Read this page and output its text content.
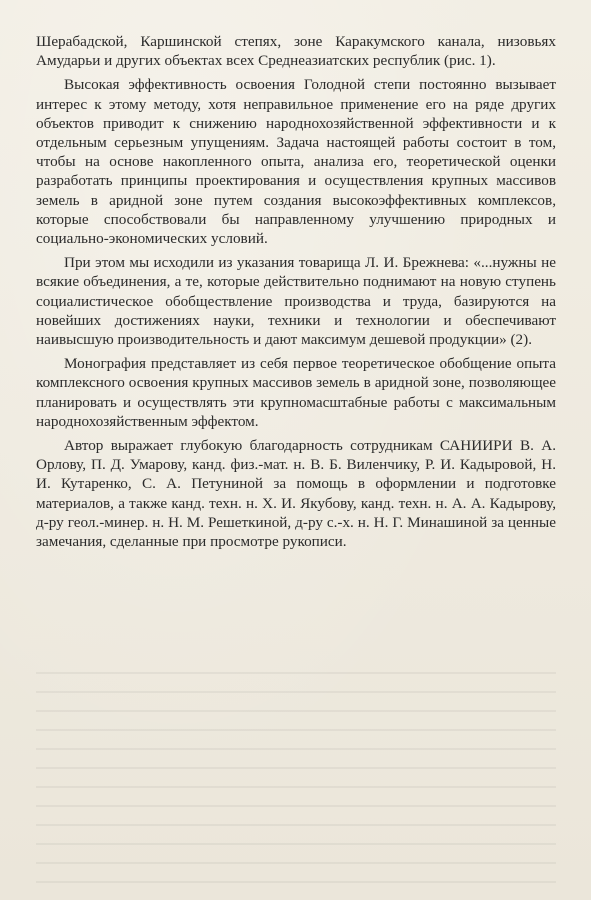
Шерабадской, Каршинской степях, зоне Каракумского канала, низовьях Амударьи и других объектах всех Среднеазиатских республик (рис. 1).

Высокая эффективность освоения Голодной степи постоянно вызывает интерес к этому методу, хотя неправильное применение его на ряде других объектов приводит к снижению народнохозяйственной эффективности и к отдельным серьезным упущениям. Задача настоящей работы состоит в том, чтобы на основе накопленного опыта, анализа его, теоретической оценки разработать принципы проектирования и осуществления крупных массивов земель в аридной зоне путем создания высокоэффективных комплексов, которые способствовали бы направленному улучшению природных и социально-экономических условий.

При этом мы исходили из указания товарища Л. И. Брежнева: «...нужны не всякие объединения, а те, которые действительно поднимают на новую ступень социалистическое обобществление производства и труда, базируются на новейших достижениях науки, техники и технологии и обеспечивают наивысшую производительность и дают максимум дешевой продукции» (2).

Монография представляет из себя первое теоретическое обобщение опыта комплексного освоения крупных массивов земель в аридной зоне, позволяющее планировать и осуществлять эти крупномасштабные работы с максимальным народнохозяйственным эффектом.

Автор выражает глубокую благодарность сотрудникам САНИИРИ В. А. Орлову, П. Д. Умарову, канд. физ.-мат. н. В. Б. Виленчику, Р. И. Кадыровой, Н. И. Кутаренко, С. А. Петуниной за помощь в оформлении и подготовке материалов, а также канд. техн. н. Х. И. Якубову, канд. техн. н. А. А. Кадырову, д-ру геол.-минер. н. Н. М. Решеткиной, д-ру с.-х. н. Н. Г. Минашиной за ценные замечания, сделанные при просмотре рукописи.
